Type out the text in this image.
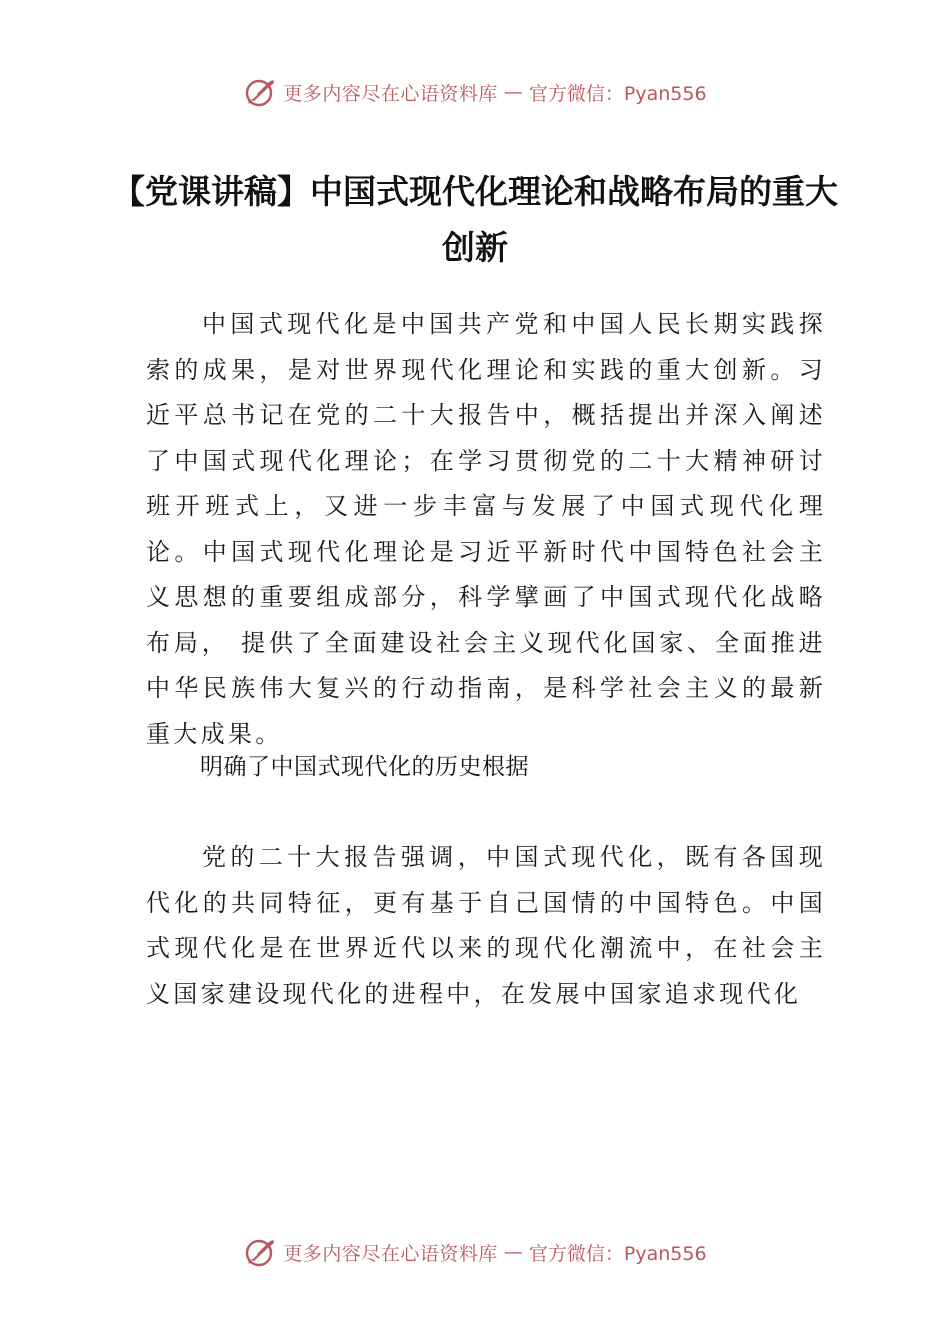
更多内容尽在心语资料库 — 官方微信：Pyan556
【党课讲稿】中国式现代化理论和战略布局的重大创新

中国式现代化是中国共产党和中国人民长期实践探索的成果，是对世界现代化理论和实践的重大创新。习近平总书记在党的二十大报告中，概括提出并深入阐述了中国式现代化理论；在学习贯彻党的二十大精神研讨班开班式上，又进一步丰富与发展了中国式现代化理论。中国式现代化理论是习近平新时代中国特色社会主义思想的重要组成部分，科学擘画了中国式现代化战略布局， 提供了全面建设社会主义现代化国家、全面推进中华民族伟大复兴的行动指南，是科学社会主义的最新重大成果。

明确了中国式现代化的历史根据

党的二十大报告强调，中国式现代化，既有各国现代化的共同特征，更有基于自己国情的中国特色。中国式现代化是在世界近代以来的现代化潮流中，在社会主义国家建设现代化的进程中，在发展中国家追求现代化

更多内容尽在心语资料库 — 官方微信：Pyan556
